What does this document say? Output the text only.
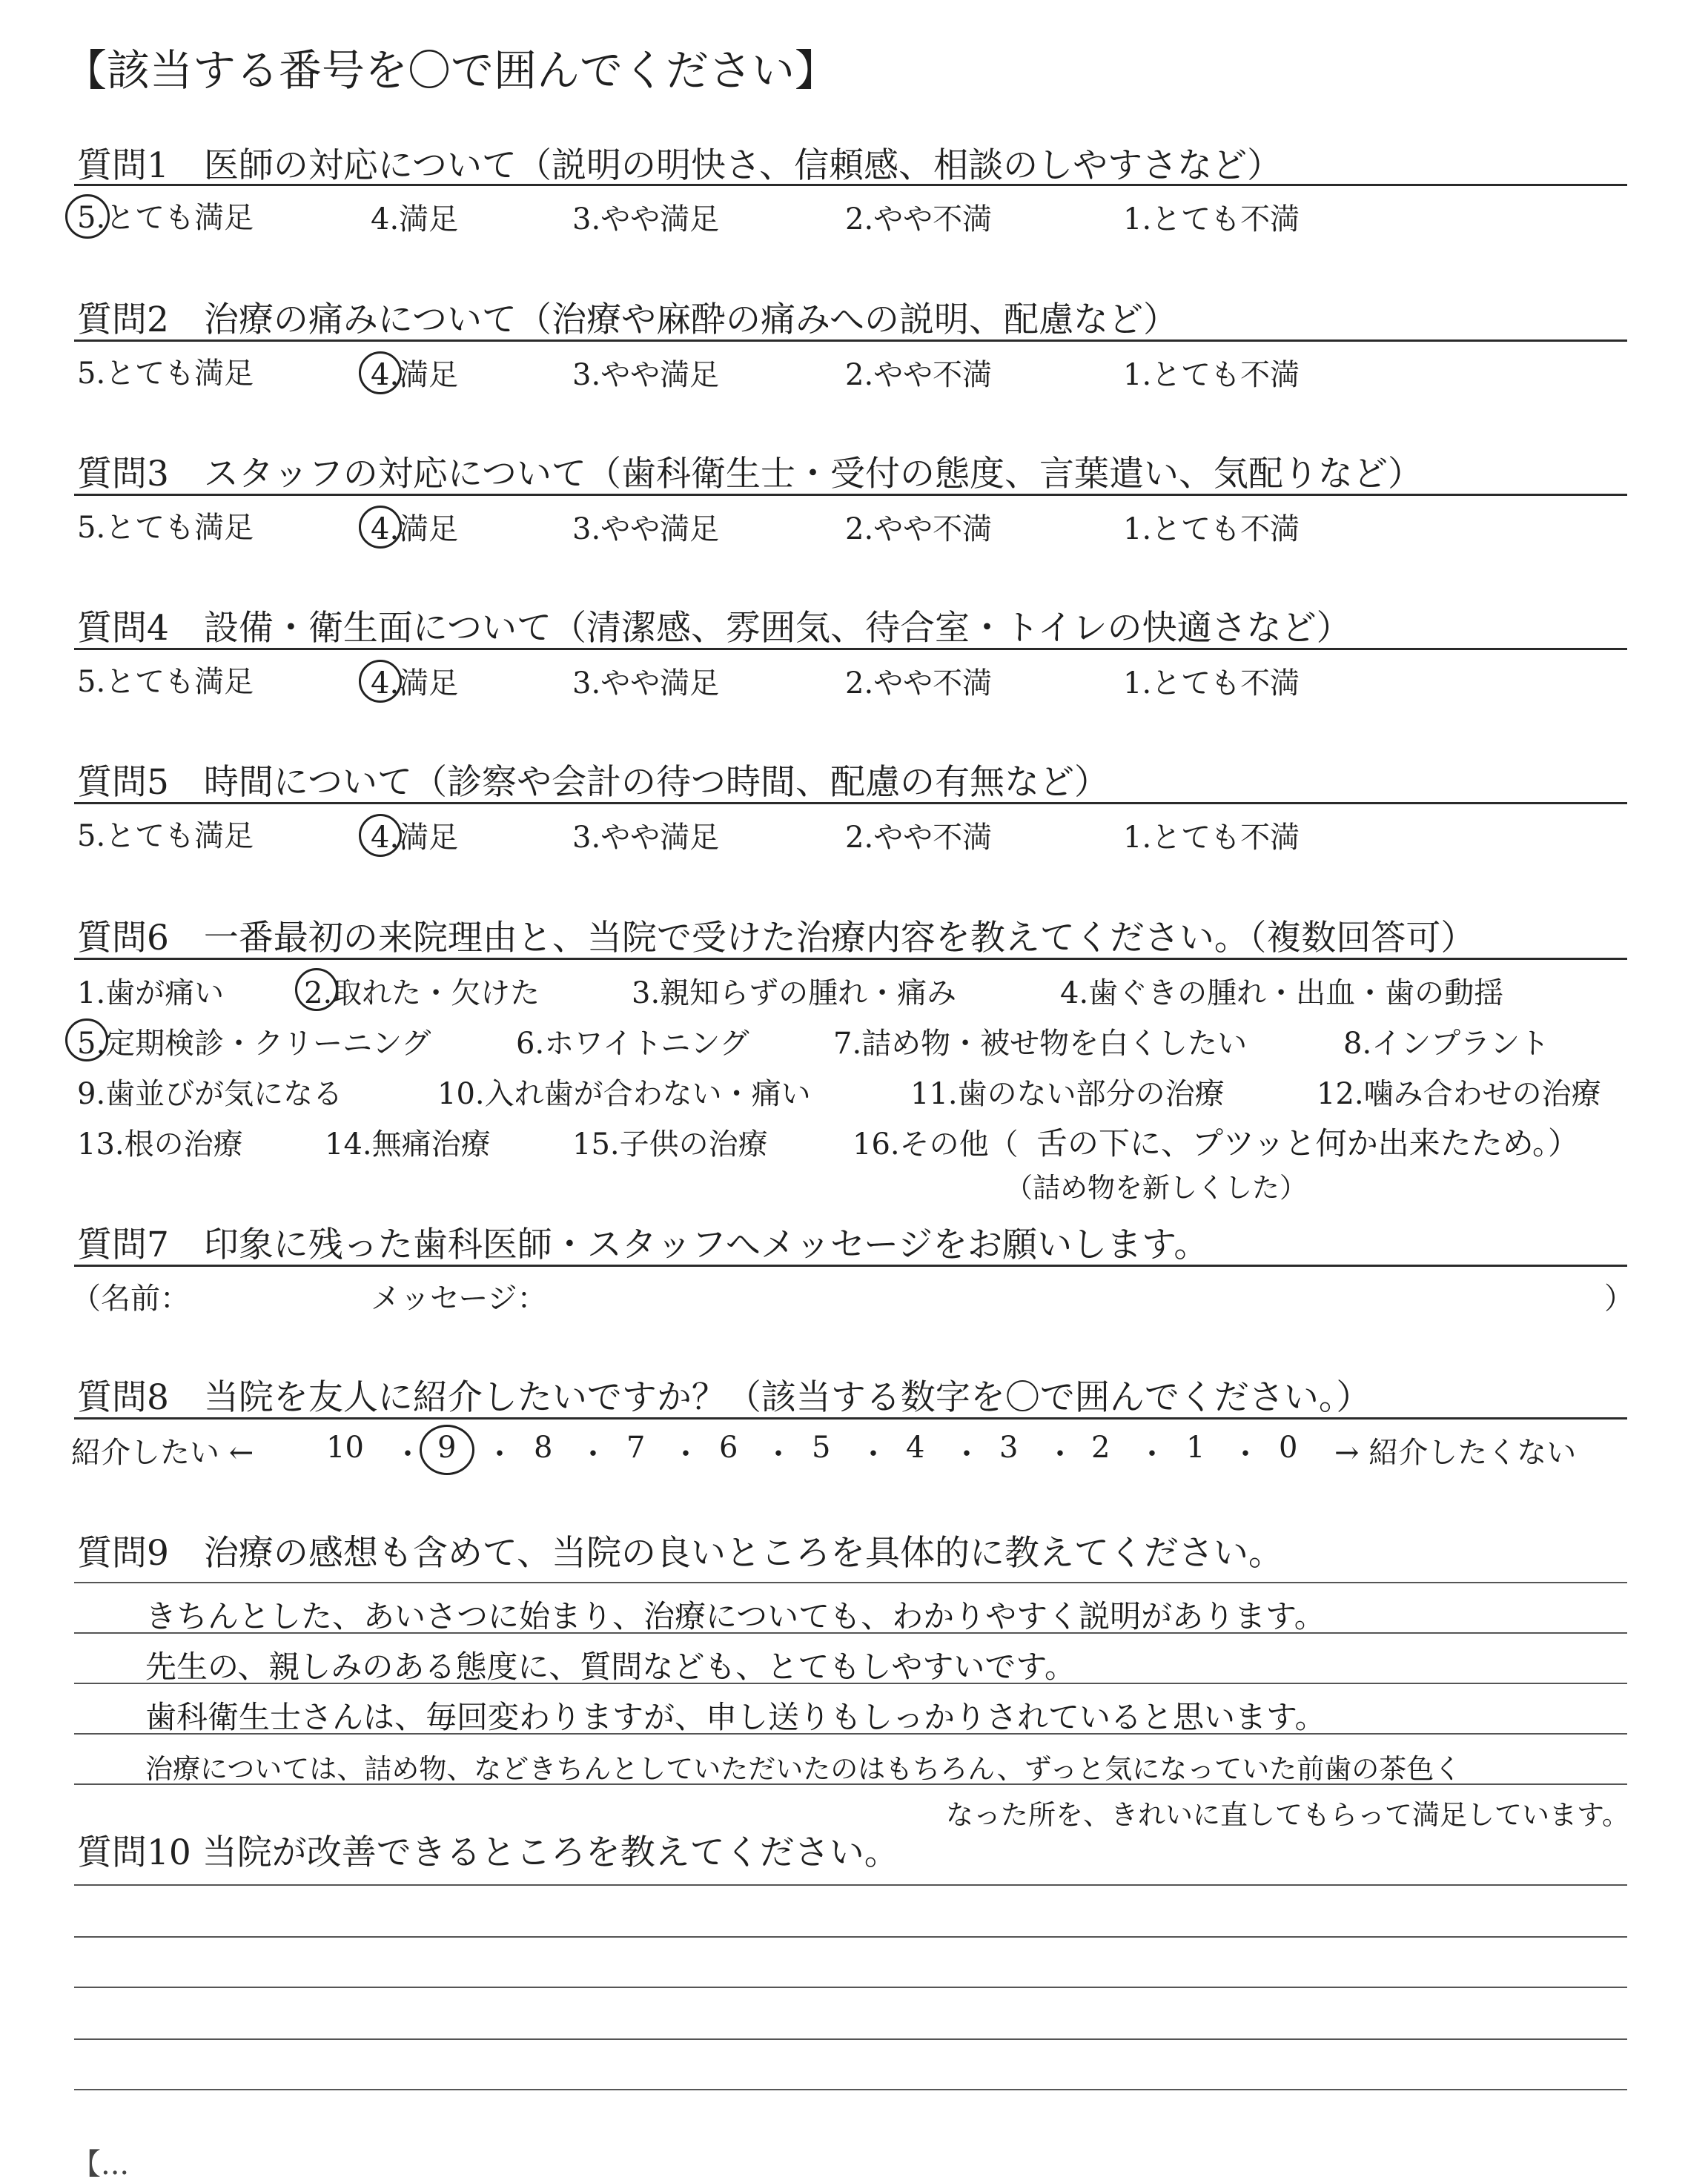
【該当する番号を〇で囲んでください】
質問1　医師の対応について（説明の明快さ、信頼感、相談のしやすさなど）
5.とても満足	4.満足	3.やや満足	2.やや不満	1.とても不満
質問2　治療の痛みについて（治療や麻酔の痛みへの説明、配慮など）
5.とても満足	4.満足	3.やや満足	2.やや不満	1.とても不満
質問3　スタッフの対応について（歯科衛生士・受付の態度、言葉遣い、気配りなど）
5.とても満足	4.満足	3.やや満足	2.やや不満	1.とても不満
質問4　設備・衛生面について（清潔感、雰囲気、待合室・トイレの快適さなど）
5.とても満足	4.満足	3.やや満足	2.やや不満	1.とても不満
質問5　時間について（診察や会計の待つ時間、配慮の有無など）
5.とても満足	4.満足	3.やや満足	2.やや不満	1.とても不満
質問6　一番最初の来院理由と、当院で受けた治療内容を教えてください。（複数回答可）
1.歯が痛い	2.取れた・欠けた	3.親知らずの腫れ・痛み	4.歯ぐきの腫れ・出血・歯の動揺
5.定期検診・クリーニング	6.ホワイトニング	7.詰め物・被せ物を白くしたい	8.インプラント
9.歯並びが気になる	10.入れ歯が合わない・痛い	11.歯のない部分の治療	12.噛み合わせの治療
13.根の治療	14.無痛治療	15.子供の治療	16.その他（ 舌の下に、プツッと何か出来たため。）
（詰め物を新しくした）
質問7　印象に残った歯科医師・スタッフへメッセージをお願いします。
（名前：	メッセージ：	）
質問8　当院を友人に紹介したいですか？（該当する数字を〇で囲んでください。）
紹介したい ← 10 ・ 9 ・ 8 ・ 7 ・ 6 ・ 5 ・ 4 ・ 3 ・ 2 ・ 1 ・ 0 → 紹介したくない
質問9　治療の感想も含めて、当院の良いところを具体的に教えてください。
きちんとした、あいさつに始まり、治療についても、わかりやすく説明があります。
先生の、親しみのある態度に、質問なども、とてもしやすいです。
歯科衛生士さんは、毎回変わりますが、申し送りもしっかりされていると思います。
治療については、詰め物、などきちんとしていただいたのはもちろん、ずっと気になっていた前歯の茶色く
なった所を、きれいに直してもらって満足しています。
質問10 当院が改善できるところを教えてください。
【...
